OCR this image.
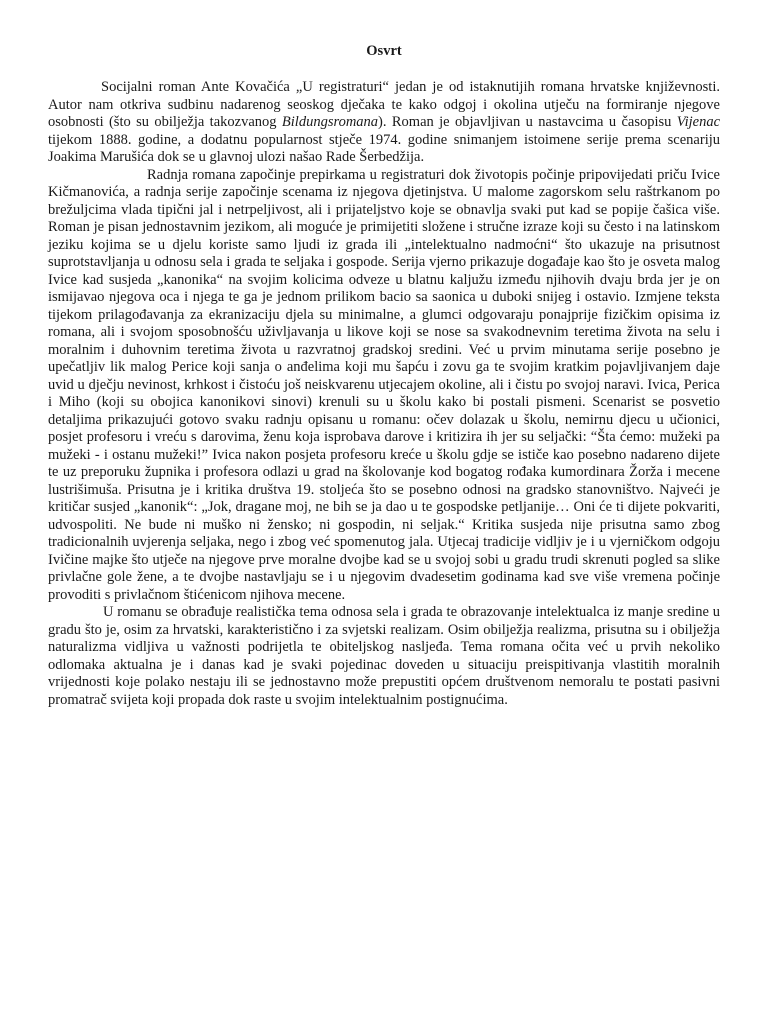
Osvrt

Socijalni roman Ante Kovačića „U registraturi“ jedan je od istaknutijih romana hrvatske književnosti. Autor nam otkriva sudbinu nadarenog seoskog dječaka te kako odgoj i okolina utječu na formiranje njegove osobnosti (što su obilježja takozvanog Bildungsromana). Roman je objavljivan u nastavcima u časopisu Vijenac tijekom 1888. godine, a dodatnu popularnost stječe 1974. godine snimanjem istoimene serije prema scenariju Joakima Marušića dok se u glavnoj ulozi našao Rade Šerbedžija.

Radnja romana započinje prepirkama u registraturi dok životopis počinje pripovijedati priču Ivice Kičmanovića, a radnja serije započinje scenama iz njegova djetinjstva. U malome zagorskom selu raštrkanom po brežuljcima vlada tipični jal i netrpeljivost, ali i prijateljstvo koje se obnavlja svaki put kad se popije čašica više. Roman je pisan jednostavnim jezikom, ali moguće je primijetiti složene i stručne izraze koji su često i na latinskom jeziku kojima se u djelu koriste samo ljudi iz grada ili „intelektualno nadmoćni“ što ukazuje na prisutnost suprotstavljanja u odnosu sela i grada te seljaka i gospode. Serija vjerno prikazuje događaje kao što je osveta malog Ivice kad susjeda „kanonika“ na svojim kolicima odveze u blatnu kaljužu između njihovih dvaju brda jer je on ismijavao njegova oca i njega te ga je jednom prilikom bacio sa saonica u duboki snijeg i ostavio. Izmjene teksta tijekom prilagođavanja za ekranizaciju djela su minimalne, a glumci odgovaraju ponajprije fizičkim opisima iz romana, ali i svojom sposobnošću uživljavanja u likove koji se nose sa svakodnevnim teretima života na selu i moralnim i duhovnim teretima života u razvratnoj gradskoj sredini. Već u prvim minutama serije posebno je upečatljiv lik malog Perice koji sanja o anđelima koji mu šapću i zovu ga te svojim kratkim pojavljivanjem daje uvid u dječju nevinost, krhkost i čistoću još neiskvarenu utjecajem okoline, ali i čistu po svojoj naravi. Ivica, Perica i Miho (koji su obojica kanonikovi sinovi) krenuli su u školu kako bi postali pismeni. Scenarist se posvetio detaljima prikazujući gotovo svaku radnju opisanu u romanu: očev dolazak u školu, nemirnu djecu u učionici, posjet profesoru i vreću s darovima, ženu koja isprobava darove i kritizira ih jer su seljački: “Šta ćemo: mužeki pa mužeki - i ostanu mužeki!” Ivica nakon posjeta profesoru kreće u školu gdje se ističe kao posebno nadareno dijete te uz preporuku župnika i profesora odlazi u grad na školovanje kod bogatog rođaka kumordinara Žorža i mecene lustrišimuša. Prisutna je i kritika društva 19. stoljeća što se posebno odnosi na gradsko stanovništvo. Najveći je kritičar susjed „kanonik“: „Jok, dragane moj, ne bih se ja dao u te gospodske petljanije… Oni će ti dijete pokvariti, udvospoliti. Ne bude ni muško ni žensko; ni gospodin, ni seljak.“ Kritika susjeda nije prisutna samo zbog tradicionalnih uvjerenja seljaka, nego i zbog već spomenutog jala. Utjecaj tradicije vidljiv je i u vjerničkom odgoju Ivičine majke što utječe na njegove prve moralne dvojbe kad se u svojoj sobi u gradu trudi skrenuti pogled sa slike privlačne gole žene, a te dvojbe nastavljaju se i u njegovim dvadesetim godinama kad sve više vremena počinje provoditi s privlačnom štićenicom njihova mecene.

U romanu se obrađuje realistička tema odnosa sela i grada te obrazovanje intelektualca iz manje sredine u gradu što je, osim za hrvatski, karakteristično i za svjetski realizam. Osim obilježja realizma, prisutna su i obilježja naturalizma vidljiva u važnosti podrijetla te obiteljskog nasljeđa. Tema romana očita već u prvih nekoliko odlomaka aktualna je i danas kad je svaki pojedinac doveden u situaciju preispitivanja vlastitih moralnih vrijednosti koje polako nestaju ili se jednostavno može prepustiti općem društvenom nemoralu te postati pasivni promatrač svijeta koji propada dok raste u svojim intelektualnim postignućima.
